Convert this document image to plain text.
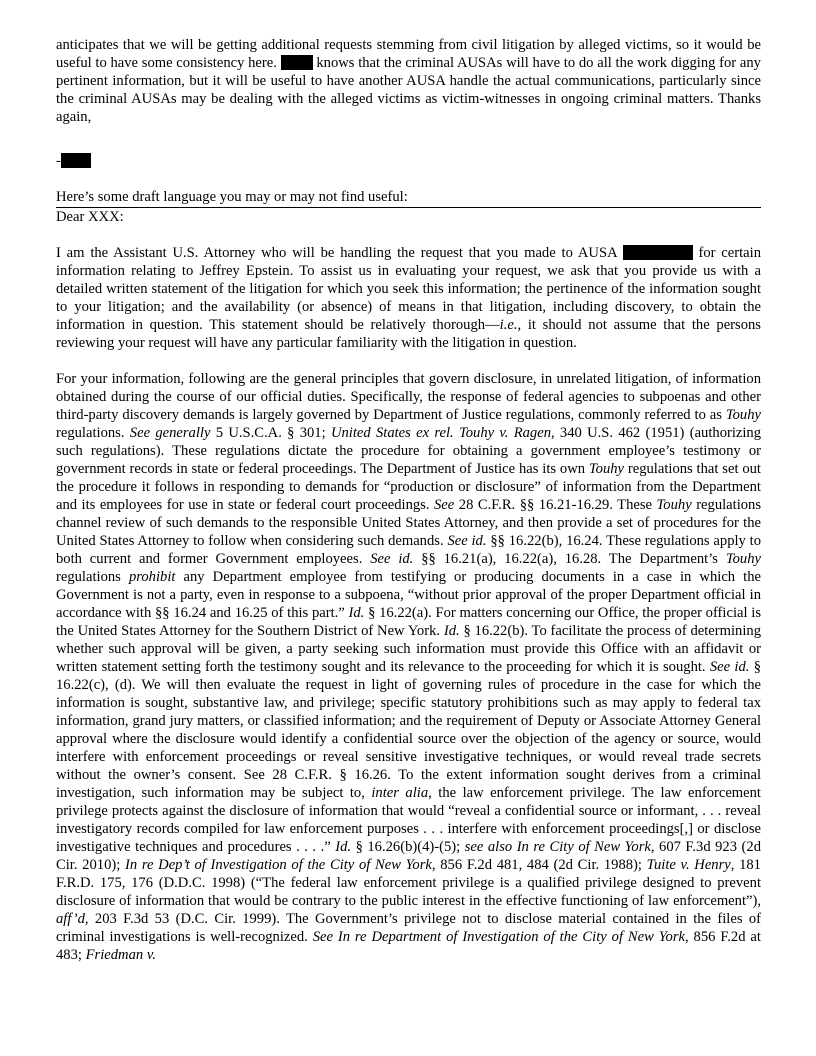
anticipates that we will be getting additional requests stemming from civil litigation by alleged victims, so it would be useful to have some consistency here.	knows that the criminal AUSAs will have to do all the work digging for any pertinent information, but it will be useful to have another AUSA handle the actual communications, particularly since the criminal AUSAs may be dealing with the alleged victims as victim-witnesses in ongoing criminal matters. Thanks again,

-

Here’s some draft language you may or may not find useful:

Dear XXX:

I am the Assistant U.S. Attorney who will be handling the request that you made to AUSA	for certain information relating to Jeffrey Epstein. To assist us in evaluating your request, we ask that you provide us with a detailed written statement of the litigation for which you seek this information; the pertinence of the information sought to your litigation; and the availability (or absence) of means in that litigation, including discovery, to obtain the information in question. This statement should be relatively thorough—i.e., it should not assume that the persons reviewing your request will have any particular familiarity with the litigation in question.

For your information, following are the general principles that govern disclosure, in unrelated litigation, of information obtained during the course of our official duties. Specifically, the response of federal agencies to subpoenas and other third-party discovery demands is largely governed by Department of Justice regulations, commonly referred to as Touhy regulations. See generally 5 U.S.C.A. § 301; United States ex rel. Touhy v. Ragen, 340 U.S. 462 (1951) (authorizing such regulations). These regulations dictate the procedure for obtaining a government employee’s testimony or government records in state or federal proceedings. The Department of Justice has its own Touhy regulations that set out the procedure it follows in responding to demands for “production or disclosure” of information from the Department and its employees for use in state or federal court proceedings. See 28 C.F.R. §§ 16.21-16.29. These Touhy regulations channel review of such demands to the responsible United States Attorney, and then provide a set of procedures for the United States Attorney to follow when considering such demands. See id. §§ 16.22(b), 16.24. These regulations apply to both current and former Government employees. See id. §§ 16.21(a), 16.22(a), 16.28. The Department’s Touhy regulations prohibit any Department employee from testifying or producing documents in a case in which the Government is not a party, even in response to a subpoena, “without prior approval of the proper Department official in accordance with §§ 16.24 and 16.25 of this part.” Id. § 16.22(a). For matters concerning our Office, the proper official is the United States Attorney for the Southern District of New York. Id. § 16.22(b). To facilitate the process of determining whether such approval will be given, a party seeking such information must provide this Office with an affidavit or written statement setting forth the testimony sought and its relevance to the proceeding for which it is sought. See id. § 16.22(c), (d). We will then evaluate the request in light of governing rules of procedure in the case for which the information is sought, substantive law, and privilege; specific statutory prohibitions such as may apply to federal tax information, grand jury matters, or classified information; and the requirement of Deputy or Associate Attorney General approval where the disclosure would identify a confidential source over the objection of the agency or source, would interfere with enforcement proceedings or reveal sensitive investigative techniques, or would reveal trade secrets without the owner’s consent. See 28 C.F.R. § 16.26. To the extent information sought derives from a criminal investigation, such information may be subject to, inter alia, the law enforcement privilege. The law enforcement privilege protects against the disclosure of information that would “reveal a confidential source or informant, . . . reveal investigatory records compiled for law enforcement purposes . . . interfere with enforcement proceedings[,] or disclose investigative techniques and procedures . . . .” Id. § 16.26(b)(4)-(5); see also In re City of New York, 607 F.3d 923 (2d Cir. 2010); In re Dep’t of Investigation of the City of New York, 856 F.2d 481, 484 (2d Cir. 1988); Tuite v. Henry, 181 F.R.D. 175, 176 (D.D.C. 1998) (“The federal law enforcement privilege is a qualified privilege designed to prevent disclosure of information that would be contrary to the public interest in the effective functioning of law enforcement”), aff’d, 203 F.3d 53 (D.C. Cir. 1999). The Government’s privilege not to disclose material contained in the files of criminal investigations is well-recognized. See In re Department of Investigation of the City of New York, 856 F.2d at 483; Friedman v.
